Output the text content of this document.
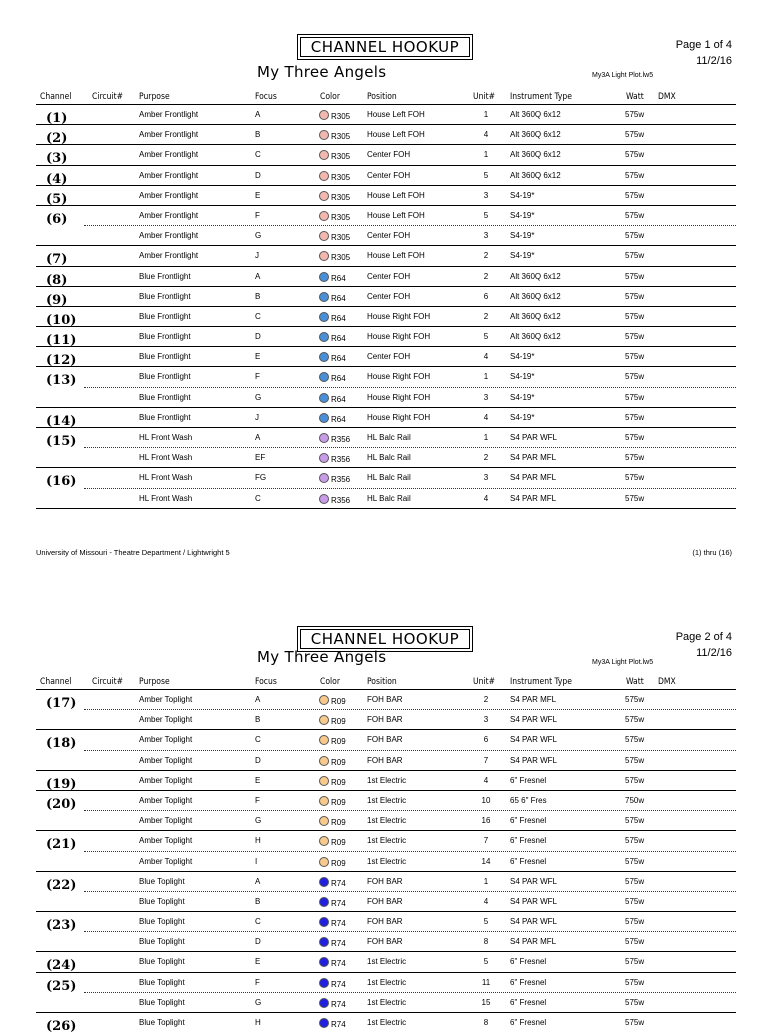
CHANNEL HOOKUP
My Three Angels
Page 1 of 4
11/2/16
My3A Light Plot.lw5
Channel Circuit# Purpose	Focus	Color	Position	Unit# Instrument Type	Watt DMX
(1)	Amber Frontlight	A	R305 House Left FOH	1	Alt 360Q 6x12	575w
(2)	Amber Frontlight	B	R305 House Left FOH	4	Alt 360Q 6x12	575w
(3)	Amber Frontlight	C	R305 Center FOH	1	Alt 360Q 6x12	575w
(4)	Amber Frontlight	D	R305 Center FOH	5	Alt 360Q 6x12	575w
(5)	Amber Frontlight	E	R305 House Left FOH	3	S4-19*	575w
(6)	Amber Frontlight	F	R305 House Left FOH	5	S4-19*	575w
Amber Frontlight	G	R305 Center FOH	3	S4-19*	575w
(7)	Amber Frontlight	J	R305 House Left FOH	2	S4-19*	575w
(8)	Blue Frontlight	A	R64	Center FOH	2	Alt 360Q 6x12	575w
(9)	Blue Frontlight	B	R64	Center FOH	6	Alt 360Q 6x12	575w
(10)	Blue Frontlight	C	R64	House Right FOH	2	Alt 360Q 6x12	575w
(11)	Blue Frontlight	D	R64	House Right FOH	5	Alt 360Q 6x12	575w
(12)	Blue Frontlight	E	R64	Center FOH	4	S4-19*	575w
(13)	Blue Frontlight	F	R64	House Right FOH	1	S4-19*	575w
Blue Frontlight	G	R64	House Right FOH	3	S4-19*	575w
(14)	Blue Frontlight	J	R64	House Right FOH	4	S4-19*	575w
(15)	HL Front Wash	A	R356 HL Balc Rail	1	S4 PAR WFL	575w
HL Front Wash	EF	R356 HL Balc Rail	2	S4 PAR MFL	575w
(16)	HL Front Wash	FG	R356 HL Balc Rail	3	S4 PAR MFL	575w
HL Front Wash	C	R356 HL Balc Rail	4	S4 PAR MFL	575w
University of Missouri - Theatre Department / Lightwright 5	(1) thru (16)
CHANNEL HOOKUP
My Three Angels
Page 2 of 4
11/2/16
My3A Light Plot.lw5
Channel Circuit# Purpose	Focus	Color	Position	Unit# Instrument Type	Watt DMX
(17)	Amber Toplight	A	R09	FOH BAR	2	S4 PAR MFL	575w
Amber Toplight	B	R09	FOH BAR	3	S4 PAR WFL	575w
(18)	Amber Toplight	C	R09	FOH BAR	6	S4 PAR WFL	575w
Amber Toplight	D	R09	FOH BAR	7	S4 PAR WFL	575w
(19)	Amber Toplight	E	R09	1st Electric	4	6" Fresnel	575w
(20)	Amber Toplight	F	R09	1st Electric	10	65 6" Fres	750w
Amber Toplight	G	R09	1st Electric	16	6" Fresnel	575w
(21)	Amber Toplight	H	R09	1st Electric	7	6" Fresnel	575w
Amber Toplight	I	R09	1st Electric	14	6" Fresnel	575w
(22)	Blue Toplight	A	R74	FOH BAR	1	S4 PAR WFL	575w
Blue Toplight	B	R74	FOH BAR	4	S4 PAR WFL	575w
(23)	Blue Toplight	C	R74	FOH BAR	5	S4 PAR WFL	575w
Blue Toplight	D	R74	FOH BAR	8	S4 PAR MFL	575w
(24)	Blue Toplight	E	R74	1st Electric	5	6" Fresnel	575w
(25)	Blue Toplight	F	R74	1st Electric	11	6" Fresnel	575w
Blue Toplight	G	R74	1st Electric	15	6" Fresnel	575w
(26)	Blue Toplight	H	R74	1st Electric	8	6" Fresnel	575w
